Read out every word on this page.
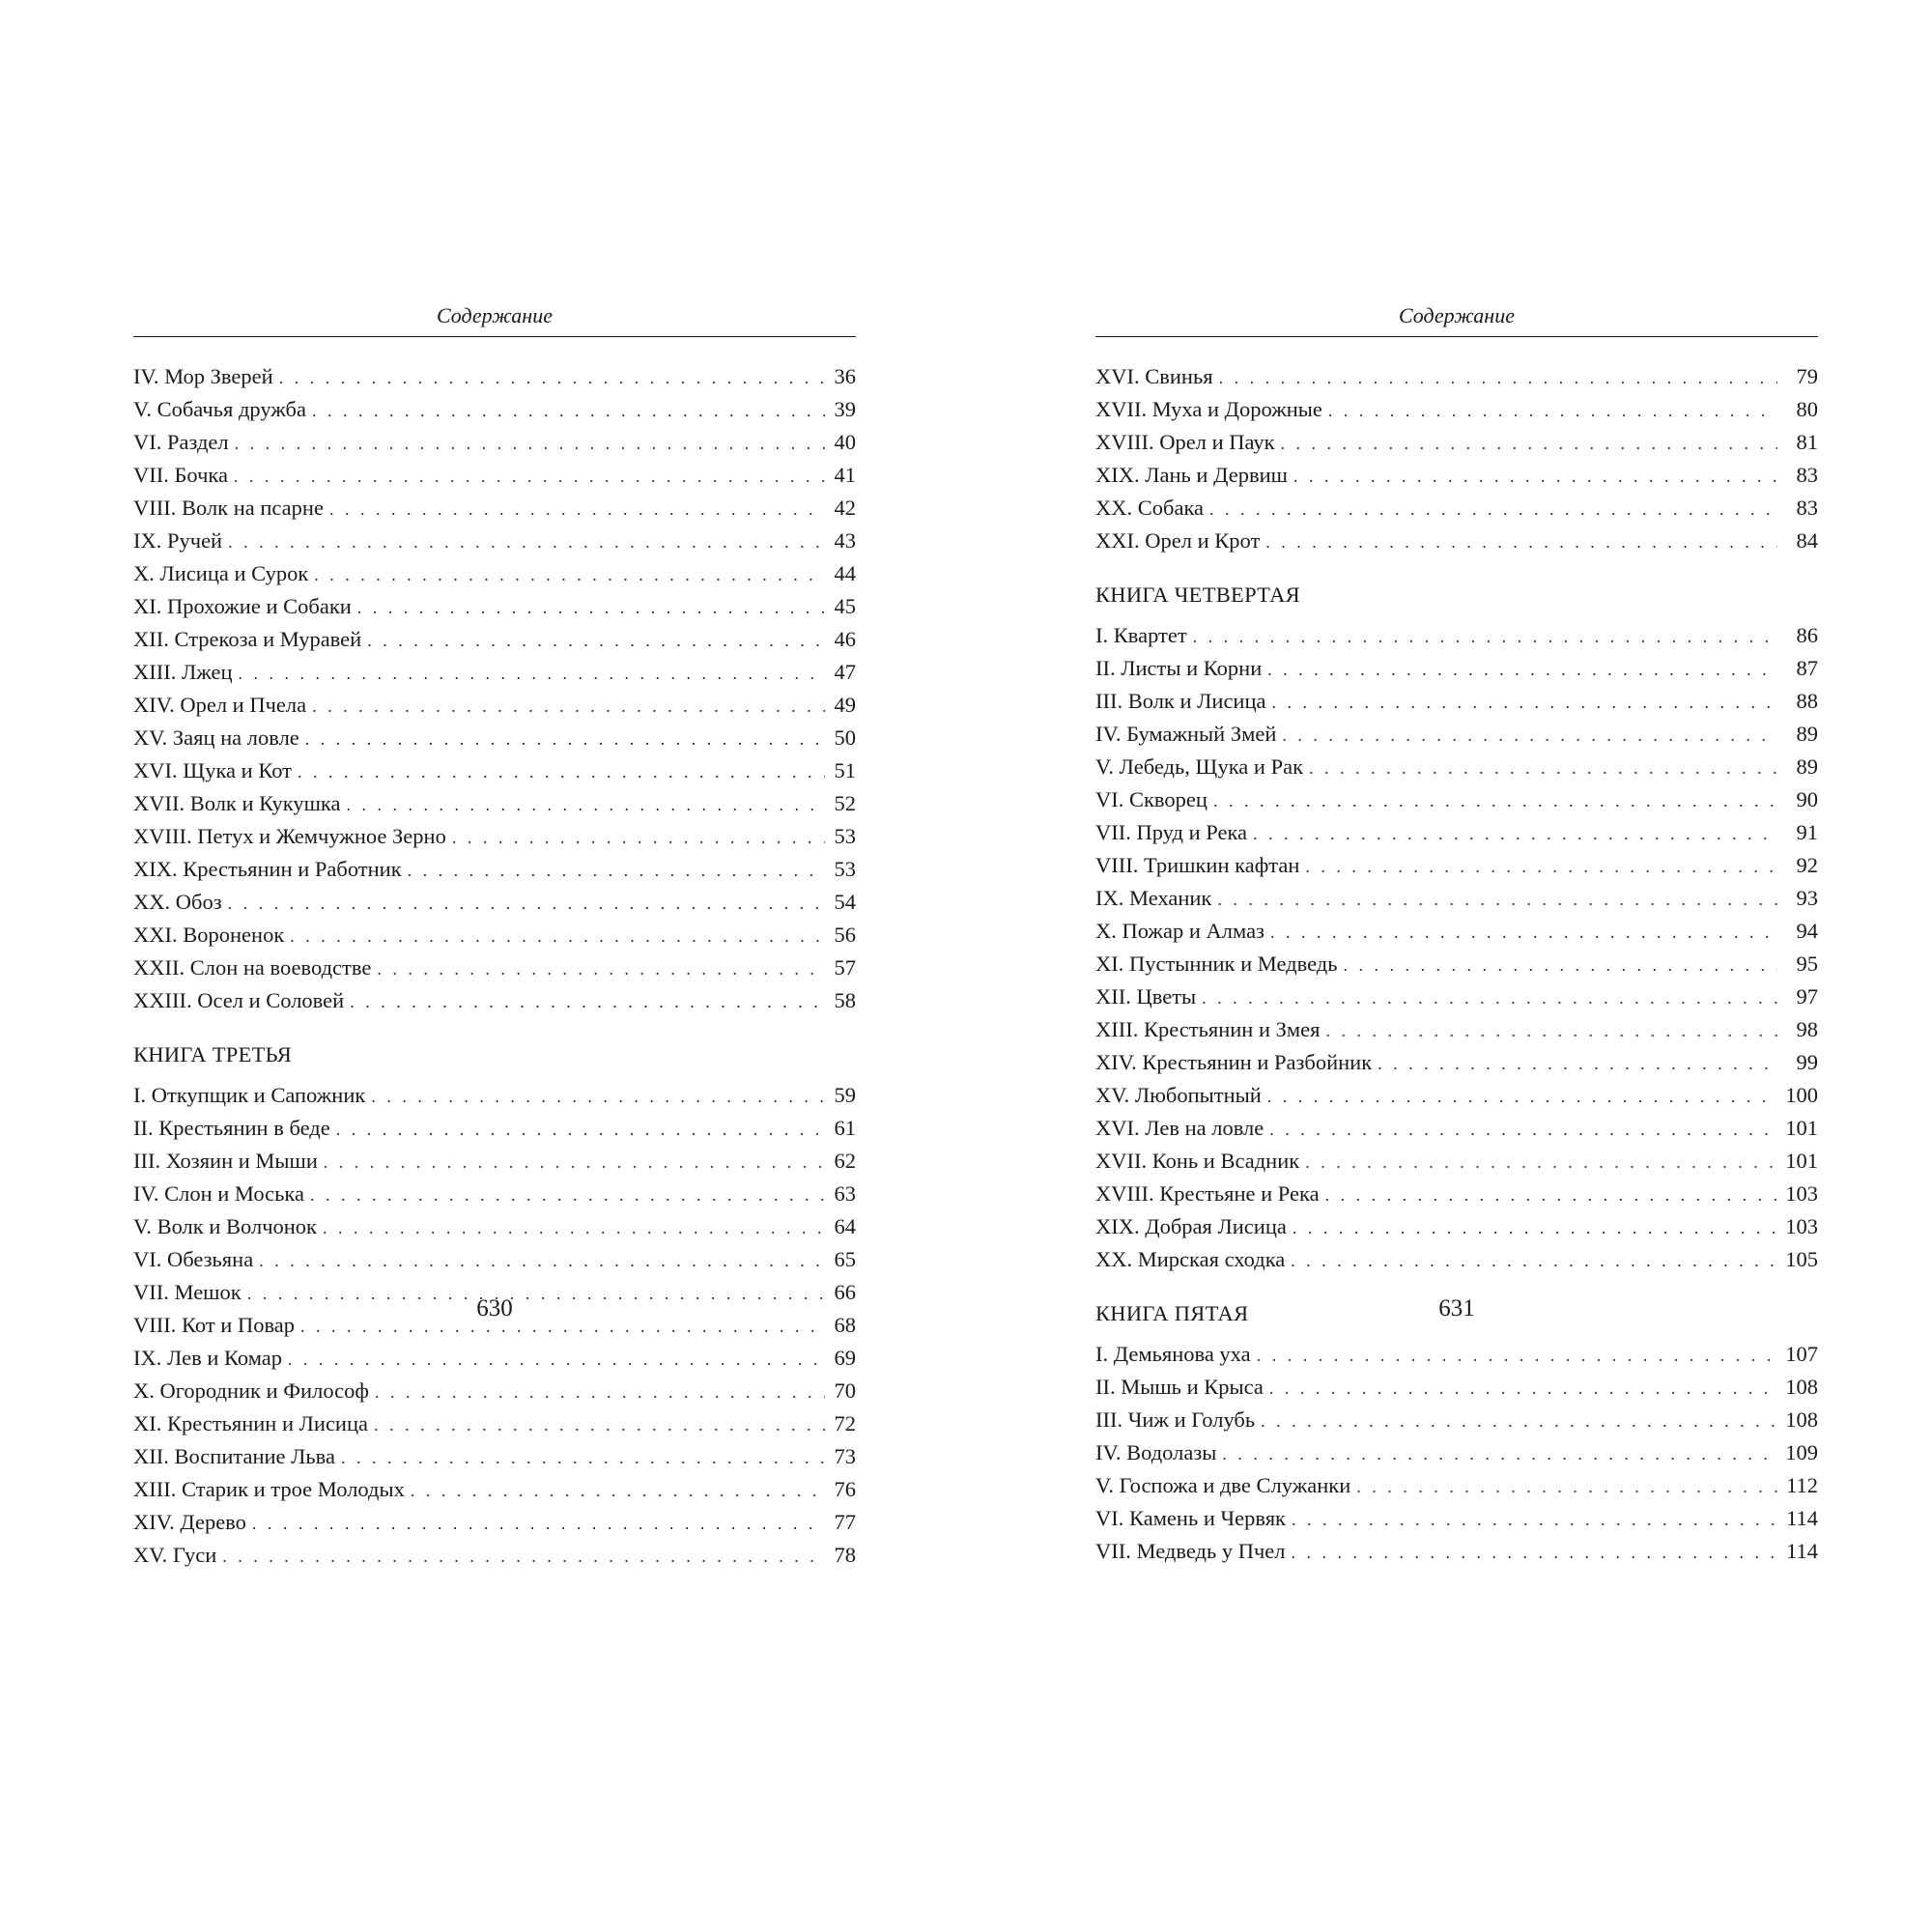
Содержание
IV. Мор Зверей . . .	36
V. Собачья дружба . . .	39
VI. Раздел . . .	40
VII. Бочка . . .	41
VIII. Волк на псарне . . .	42
IX. Ручей . . .	43
X. Лисица и Сурок . . .	44
XI. Прохожие и Собаки . . .	45
XII. Стрекоза и Муравей . . .	46
XIII. Лжец . . .	47
XIV. Орел и Пчела . . .	49
XV. Заяц на ловле . . .	50
XVI. Щука и Кот . . .	51
XVII. Волк и Кукушка . . .	52
XVIII. Петух и Жемчужное Зерно . . .	53
XIX. Крестьянин и Работник . . .	53
XX. Обоз . . .	54
XXI. Вороненок . . .	56
XXII. Слон на воеводстве . . .	57
XXIII. Осел и Соловей . . .	58
КНИГА ТРЕТЬЯ
I. Откупщик и Сапожник . . .	59
II. Крестьянин в беде . . .	61
III. Хозяин и Мыши . . .	62
IV. Слон и Моська . . .	63
V. Волк и Волчонок . . .	64
VI. Обезьяна . . .	65
VII. Мешок . . .	66
VIII. Кот и Повар . . .	68
IX. Лев и Комар . . .	69
X. Огородник и Философ . . .	70
XI. Крестьянин и Лисица . . .	72
XII. Воспитание Льва . . .	73
XIII. Старик и трое Молодых . . .	76
XIV. Дерево . . .	77
XV. Гуси . . .	78
Содержание
XVI. Свинья . . .	79
XVII. Муха и Дорожные . . .	80
XVIII. Орел и Паук . . .	81
XIX. Лань и Дервиш . . .	83
XX. Собака . . .	83
XXI. Орел и Крот . . .	84
КНИГА ЧЕТВЕРТАЯ
I. Квартет . . .	86
II. Листы и Корни . . .	87
III. Волк и Лисица . . .	88
IV. Бумажный Змей . . .	89
V. Лебедь, Щука и Рак . . .	89
VI. Скворец . . .	90
VII. Пруд и Река . . .	91
VIII. Тришкин кафтан . . .	92
IX. Механик . . .	93
X. Пожар и Алмаз . . .	94
XI. Пустынник и Медведь . . .	95
XII. Цветы . . .	97
XIII. Крестьянин и Змея . . .	98
XIV. Крестьянин и Разбойник . . .	99
XV. Любопытный . . .	100
XVI. Лев на ловле . . .	101
XVII. Конь и Всадник . . .	101
XVIII. Крестьяне и Река . . .	103
XIX. Добрая Лисица . . .	103
XX. Мирская сходка . . .	105
КНИГА ПЯТАЯ
I. Демьянова уха . . .	107
II. Мышь и Крыса . . .	108
III. Чиж и Голубь . . .	108
IV. Водолазы . . .	109
V. Госпожа и две Служанки . . .	112
VI. Камень и Червяк . . .	114
VII. Медведь у Пчел . . .	114
630	631
